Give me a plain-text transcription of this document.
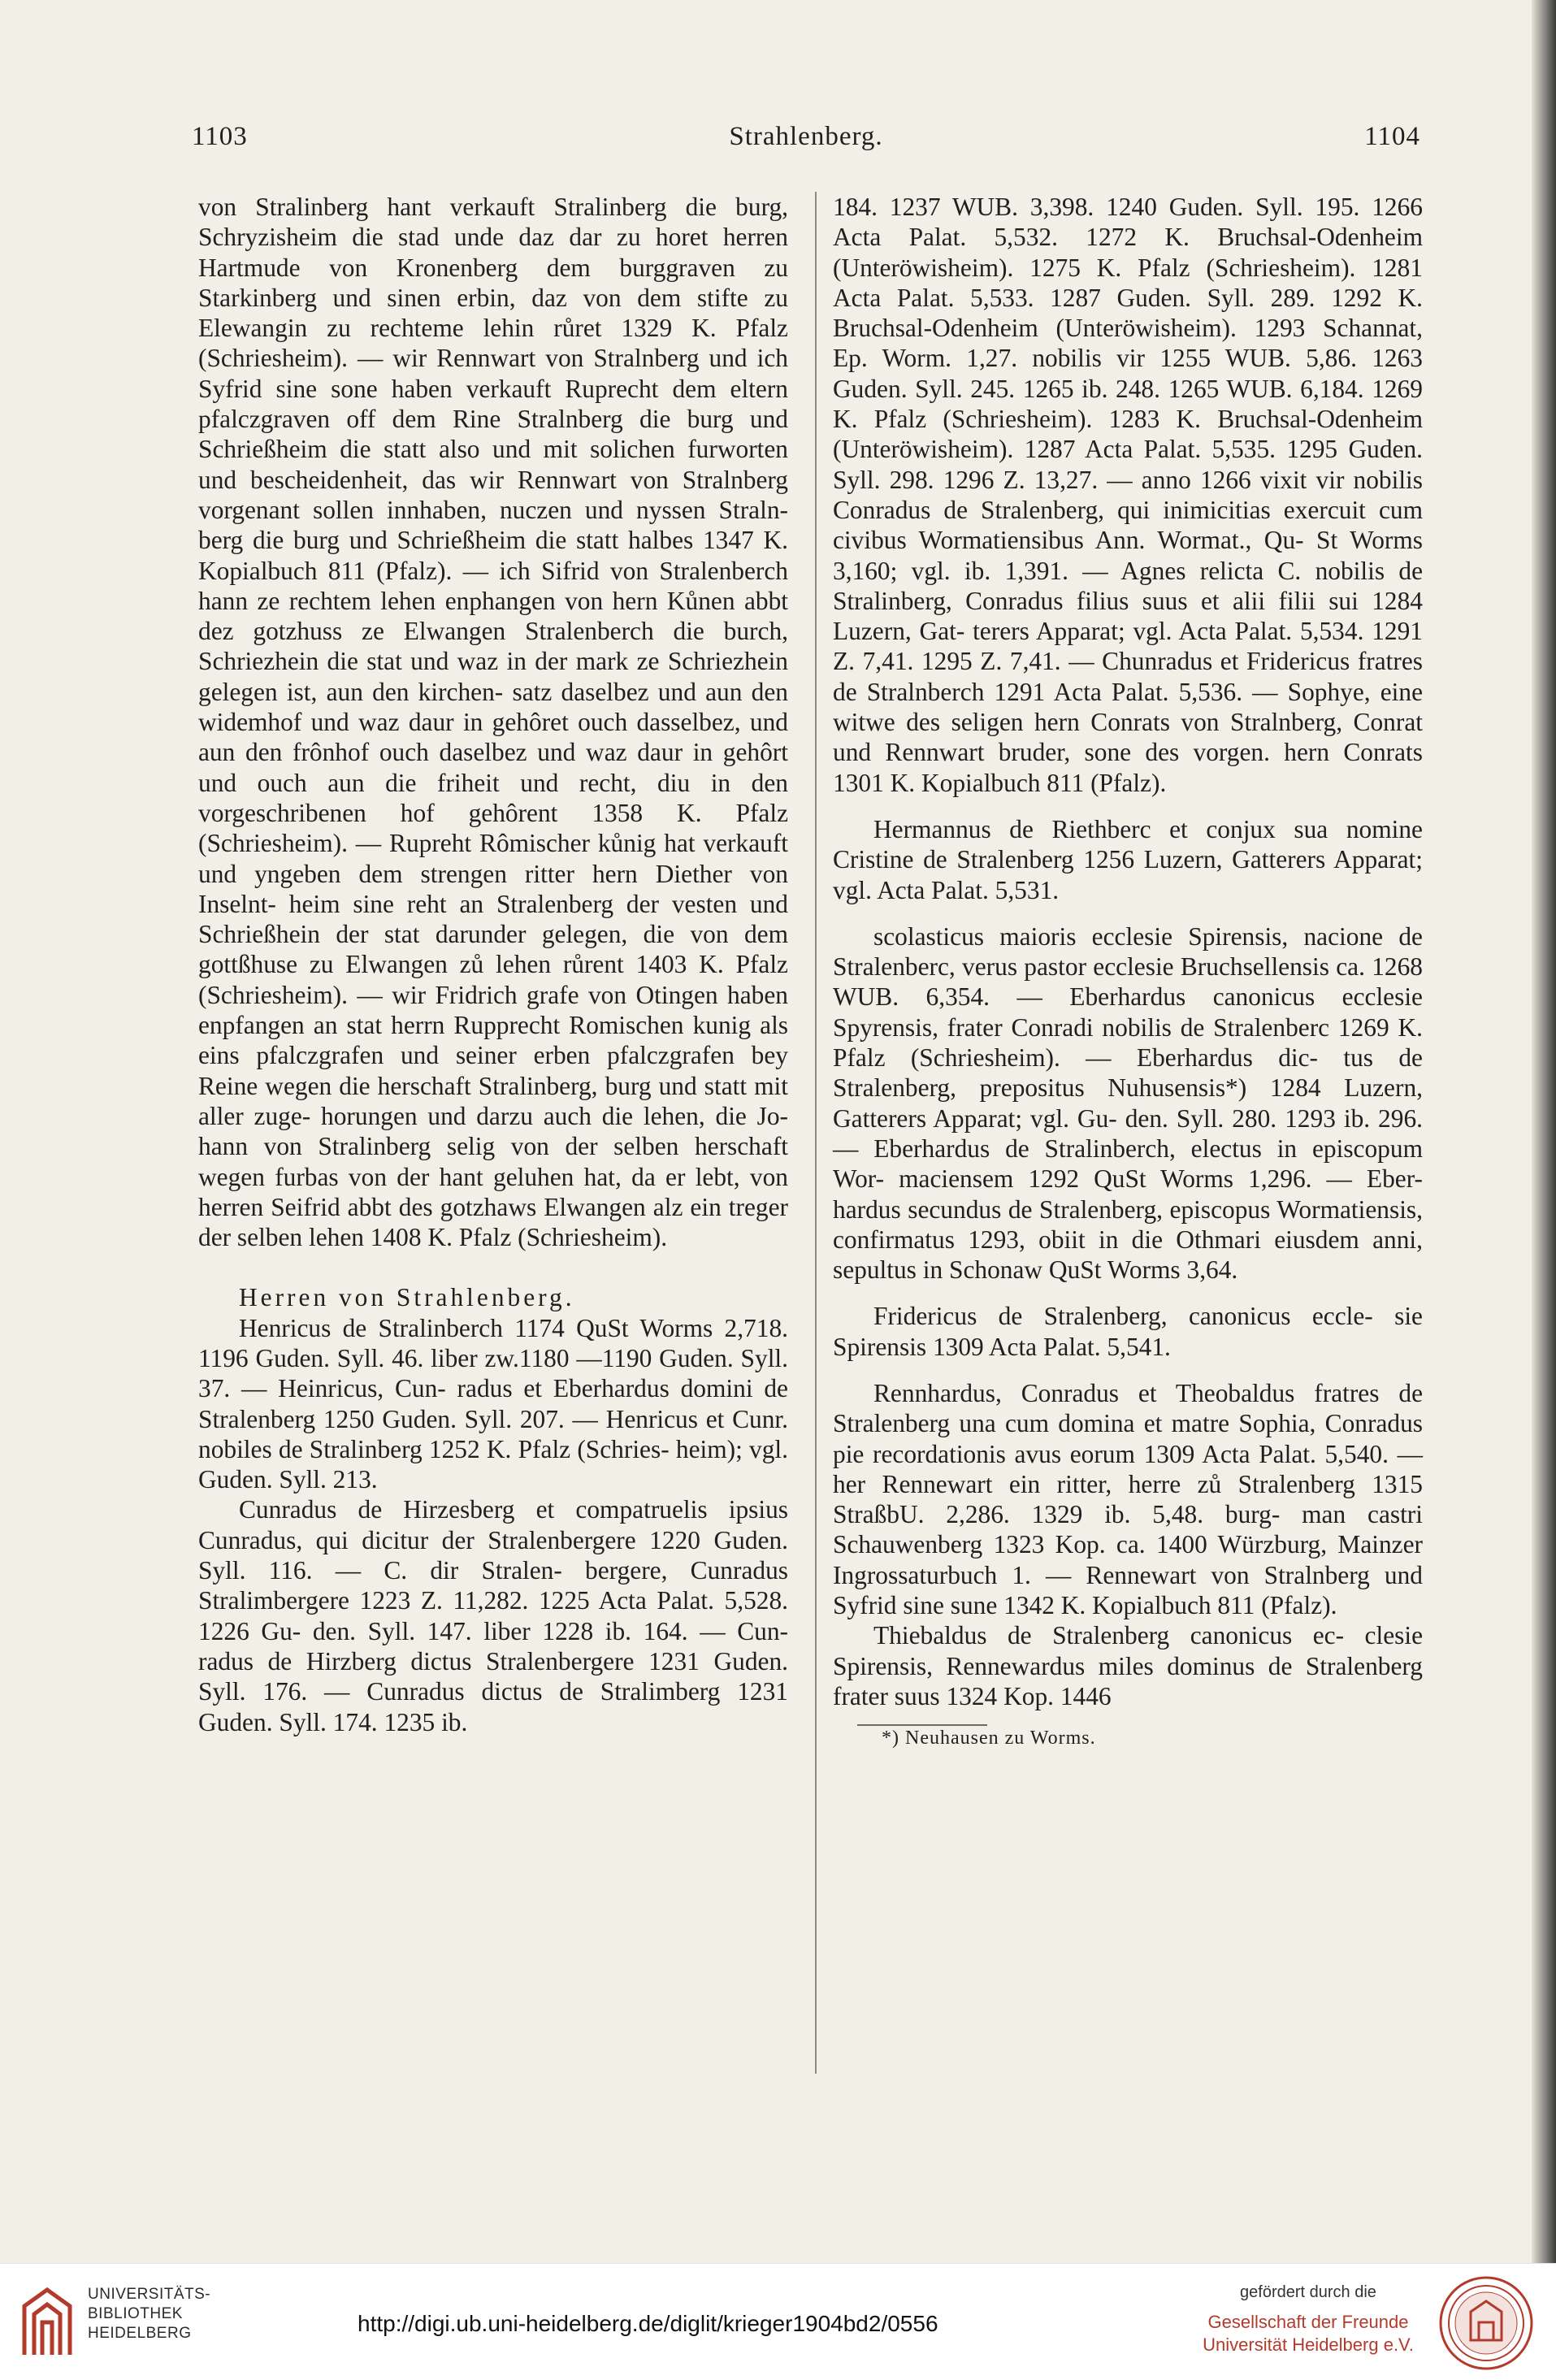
1103	Strahlenberg.	1104

von Stralinberg hant verkauft Stralinberg die burg, Schryzisheim die stad unde daz dar zu horet herren Hartmude von Kronenberg dem burggraven zu Starkinberg und sinen erbin, daz von dem stifte zu Elewangin zu rechteme lehin růret 1329 K. Pfalz (Schriesheim). — wir Rennwart von Stralnberg und ich Syfrid sine sone haben verkauft Ruprecht dem eltern pfalczgraven off dem Rine Stralnberg die burg und Schrießheim die statt also und mit solichen furworten und bescheidenheit, das wir Rennwart von Stralnberg vorgenant sollen innhaben, nuczen und nyssen Straln- berg die burg und Schrießheim die statt halbes 1347 K. Kopialbuch 811 (Pfalz). — ich Sifrid von Stralenberch hann ze rechtem lehen enphangen von hern Kůnen abbt dez gotzhuss ze Elwangen Stralenberch die burch, Schriezhein die stat und waz in der mark ze Schriezhein gelegen ist, aun den kirchen- satz daselbez und aun den widemhof und waz daur in gehôret ouch dasselbez, und aun den frônhof ouch daselbez und waz daur in gehôrt und ouch aun die friheit und recht, diu in den vorgeschribenen hof gehôrent 1358 K. Pfalz (Schriesheim). — Rupreht Rômischer kůnig hat verkauft und yngeben dem strengen ritter hern Diether von Inselnt- heim sine reht an Stralenberg der vesten und Schrießhein der stat darunder gelegen, die von dem gottßhuse zu Elwangen zů lehen růrent 1403 K. Pfalz (Schriesheim). — wir Fridrich grafe von Otingen haben enpfangen an stat herrn Rupprecht Romischen kunig als eins pfalczgrafen und seiner erben pfalczgrafen bey Reine wegen die herschaft Stralinberg, burg und statt mit aller zuge- horungen und darzu auch die lehen, die Jo- hann von Stralinberg selig von der selben herschaft wegen furbas von der hant geluhen hat, da er lebt, von herren Seifrid abbt des gotzhaws Elwangen alz ein treger der selben lehen 1408 K. Pfalz (Schriesheim).

Herren von Strahlenberg.

Henricus de Stralinberch 1174 QuSt Worms 2,718. 1196 Guden. Syll. 46. liber zw.1180 —1190 Guden. Syll. 37. — Heinricus, Cun- radus et Eberhardus domini de Stralenberg 1250 Guden. Syll. 207. — Henricus et Cunr. nobiles de Stralinberg 1252 K. Pfalz (Schries- heim); vgl. Guden. Syll. 213.

Cunradus de Hirzesberg et compatruelis ipsius Cunradus, qui dicitur der Stralenbergere 1220 Guden. Syll. 116. — C. dir Stralen- bergere, Cunradus Stralimbergere 1223 Z. 11,282. 1225 Acta Palat. 5,528. 1226 Gu- den. Syll. 147. liber 1228 ib. 164. — Cun- radus de Hirzberg dictus Stralenbergere 1231 Guden. Syll. 176. — Cunradus dictus de Stralimberg 1231 Guden. Syll. 174. 1235 ib.

184. 1237 WUB. 3,398. 1240 Guden. Syll. 195. 1266 Acta Palat. 5,532. 1272 K. Bruchsal-Odenheim (Unteröwisheim). 1275 K. Pfalz (Schriesheim). 1281 Acta Palat. 5,533. 1287 Guden. Syll. 289. 1292 K. Bruchsal-Odenheim (Unteröwisheim). 1293 Schannat, Ep. Worm. 1,27. nobilis vir 1255 WUB. 5,86. 1263 Guden. Syll. 245. 1265 ib. 248. 1265 WUB. 6,184. 1269 K. Pfalz (Schriesheim). 1283 K. Bruchsal-Odenheim (Unteröwisheim). 1287 Acta Palat. 5,535. 1295 Guden. Syll. 298. 1296 Z. 13,27. — anno 1266 vixit vir nobilis Conradus de Stralenberg, qui inimicitias exercuit cum civibus Wormatiensibus Ann. Wormat., Qu- St Worms 3,160; vgl. ib. 1,391. — Agnes relicta C. nobilis de Stralinberg, Conradus filius suus et alii filii sui 1284 Luzern, Gat- terers Apparat; vgl. Acta Palat. 5,534. 1291 Z. 7,41. 1295 Z. 7,41. — Chunradus et Fridericus fratres de Stralnberch 1291 Acta Palat. 5,536. — Sophye, eine witwe des seligen hern Conrats von Stralnberg, Conrat und Rennwart bruder, sone des vorgen. hern Conrats 1301 K. Kopialbuch 811 (Pfalz).

Hermannus de Riethberc et conjux sua nomine Cristine de Stralenberg 1256 Luzern, Gatterers Apparat; vgl. Acta Palat. 5,531.

scolasticus maioris ecclesie Spirensis, nacione de Stralenberc, verus pastor ecclesie Bruchsellensis ca. 1268 WUB. 6,354. — Eberhardus canonicus ecclesie Spyrensis, frater Conradi nobilis de Stralenberc 1269 K. Pfalz (Schriesheim). — Eberhardus dic- tus de Stralenberg, prepositus Nuhusensis*) 1284 Luzern, Gatterers Apparat; vgl. Gu- den. Syll. 280. 1293 ib. 296. — Eberhardus de Stralinberch, electus in episcopum Wor- maciensem 1292 QuSt Worms 1,296. — Eber- hardus secundus de Stralenberg, episcopus Wormatiensis, confirmatus 1293, obiit in die Othmari eiusdem anni, sepultus in Schonaw QuSt Worms 3,64.

Fridericus de Stralenberg, canonicus eccle- sie Spirensis 1309 Acta Palat. 5,541.

Rennhardus, Conradus et Theobaldus fratres de Stralenberg una cum domina et matre Sophia, Conradus pie recordationis avus eorum 1309 Acta Palat. 5,540. — her Rennewart ein ritter, herre zů Stralenberg 1315 StraßbU. 2,286. 1329 ib. 5,48. burg- man castri Schauwenberg 1323 Kop. ca. 1400 Würzburg, Mainzer Ingrossaturbuch 1. — Rennewart von Stralnberg und Syfrid sine sune 1342 K. Kopialbuch 811 (Pfalz).

Thiebaldus de Stralenberg canonicus ec- clesie Spirensis, Rennewardus miles dominus de Stralenberg frater suus 1324 Kop. 1446

*) Neuhausen zu Worms.

UNIVERSITÄTS-
BIBLIOTHEK
HEIDELBERG	http://digi.ub.uni-heidelberg.de/diglit/krieger1904bd2/0556
gefördert durch die
Gesellschaft der Freunde
Universität Heidelberg e.V.
